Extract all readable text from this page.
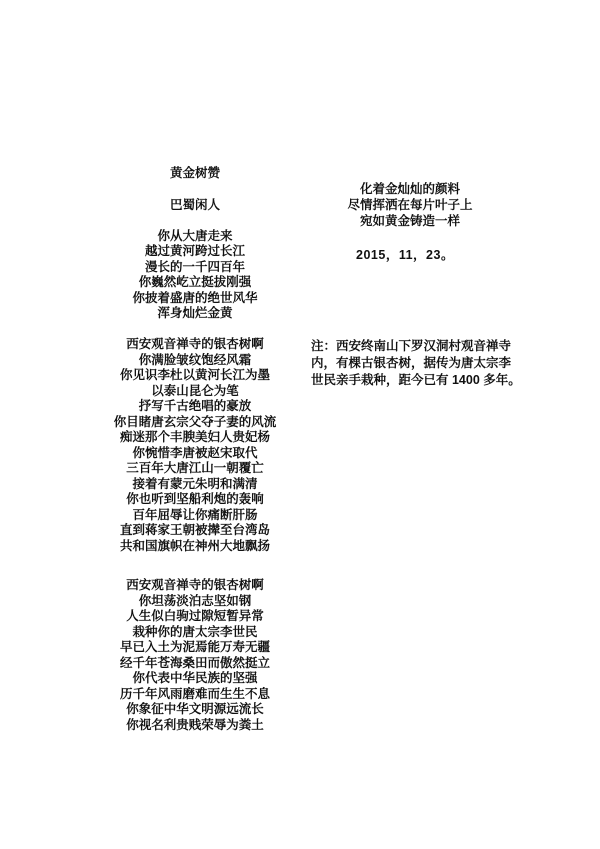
黄金树赞
巴蜀闲人
你从大唐走来
越过黄河跨过长江
漫长的一千四百年
你巍然屹立挺拔刚强
你披着盛唐的绝世风华
浑身灿烂金黄
西安观音禅寺的银杏树啊
你满脸皱纹饱经风霜
你见识李杜以黄河长江为墨
以泰山昆仑为笔
抒写千古绝唱的豪放
你目睹唐玄宗父夺子妻的风流
痴迷那个丰腴美妇人贵妃杨
你惋惜李唐被赵宋取代
三百年大唐江山一朝覆亡
接着有蒙元朱明和满清
你也听到坚船利炮的轰响
百年屈辱让你痛断肝肠
直到蒋家王朝被撵至台湾岛
共和国旗帜在神州大地飘扬
西安观音禅寺的银杏树啊
你坦荡淡泊志坚如钢
人生似白驹过隙短暂异常
栽种你的唐太宗李世民
早已入土为泥焉能万寿无疆
经千年苍海桑田而傲然挺立
你代表中华民族的坚强
历千年风雨磨难而生生不息
你象征中华文明源远流长
你视名利贵贱荣辱为粪土
化着金灿灿的颜料
尽情挥洒在每片叶子上
宛如黄金铸造一样
2015，11，23。
注：西安终南山下罗汉洞村观音禅寺
内，有棵古银杏树，据传为唐太宗李
世民亲手栽种，距今已有 1400 多年。
